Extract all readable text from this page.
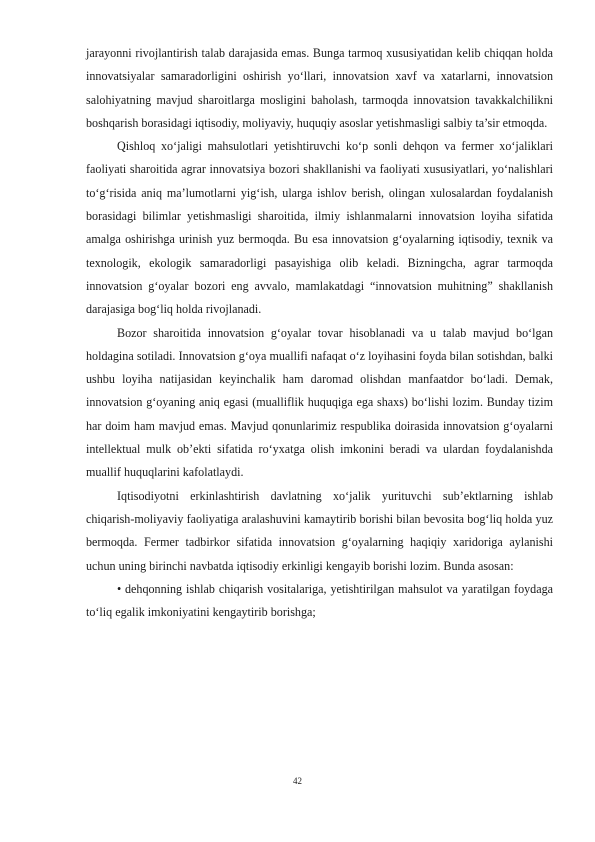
jarayonni rivojlantirish talab darajasida emas. Bunga tarmoq xususiyatidan kelib chiqqan holda innovatsiyalar samaradorligini oshirish yo‘llari, innovatsion xavf va xatarlarni, innovatsion salohiyatning mavjud sharoitlarga mosligini baholash, tarmoqda innovatsion tavakkalchilikni boshqarish borasidagi iqtisodiy, moliyaviy, huquqiy asoslar yetishmasligi salbiy ta’sir etmoqda.

Qishloq xo‘jaligi mahsulotlari yetishtiruvchi ko‘p sonli dehqon va fermer xo‘jaliklari faoliyati sharoitida agrar innovatsiya bozori shakllanishi va faoliyati xususiyatlari, yo‘nalishlari to‘g‘risida aniq ma’lumotlarni yig‘ish, ularga ishlov berish, olingan xulosalardan foydalanish borasidagi bilimlar yetishmasligi sharoitida, ilmiy ishlanmalarni innovatsion loyiha sifatida amalga oshirishga urinish yuz bermoqda. Bu esa innovatsion g‘oyalarning iqtisodiy, texnik va texnologik, ekologik samaradorligi pasayishiga olib keladi. Bizningcha, agrar tarmoqda innovatsion g‘oyalar bozori eng avvalo, mamlakatdagi “innovatsion muhitning” shakllanish darajasiga bog‘liq holda rivojlanadi.

Bozor sharoitida innovatsion g‘oyalar tovar hisoblanadi va u talab mavjud bo‘lgan holdagina sotiladi. Innovatsion g‘oya muallifi nafaqat o‘z loyihasini foyda bilan sotishdan, balki ushbu loyiha natijasidan keyinchalik ham daromad olishdan manfaatdor bo‘ladi. Demak, innovatsion g‘oyaning aniq egasi (mualliflik huquqiga ega shaxs) bo‘lishi lozim. Bunday tizim har doim ham mavjud emas. Mavjud qonunlarimiz respublika doirasida innovatsion g‘oyalarni intellektual mulk ob’ekti sifatida ro‘yxatga olish imkonini beradi va ulardan foydalanishda muallif huquqlarini kafolatlaydi.

Iqtisodiyotni erkinlashtirish davlatning xo‘jalik yurituvchi sub’ektlarning ishlab chiqarish-moliyaviy faoliyatiga aralashuvini kamaytirib borishi bilan bevosita bog‘liq holda yuz bermoqda. Fermer tadbirkor sifatida innovatsion g‘oyalarning haqiqiy xaridoriga aylanishi uchun uning birinchi navbatda iqtisodiy erkinligi kengayib borishi lozim. Bunda asosan:

• dehqonning ishlab chiqarish vositalariga, yetishtirilgan mahsulot va yaratilgan foydaga to‘liq egalik imkoniyatini kengaytirib borishga;

42
